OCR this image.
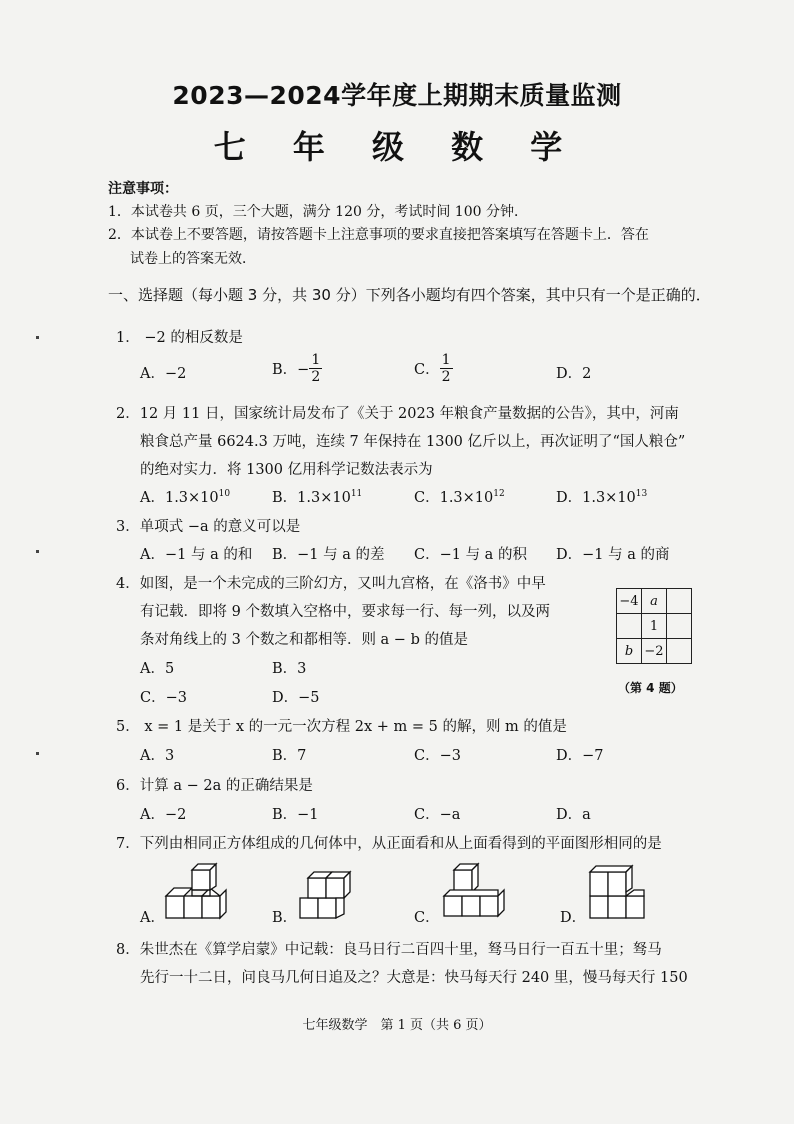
2023—2024学年度上期期末质量监测
七 年 级 数 学
注意事项：
1．本试卷共 6 页，三个大题，满分 120 分，考试时间 100 分钟．
2．本试卷上不要答题，请按答题卡上注意事项的要求直接把答案填写在答题卡上．答在
试卷上的答案无效．
一、选择题（每小题 3 分，共 30 分）下列各小题均有四个答案，其中只有一个是正确的．
1． −2 的相反数是
A．−2	B．− $\frac{1}{2}$	C． $\frac{1}{2}$	D．2
2．12 月 11 日，国家统计局发布了《关于 2023 年粮食产量数据的公告》，其中，河南
粮食总产量 6624.3 万吨，连续 7 年保持在 1300 亿斤以上，再次证明了“国人粮仓”
的绝对实力．将 1300 亿用科学记数法表示为
A．$1.3\times 10^{10}$	B．$1.3\times 10^{11}$	C．$1.3\times 10^{12}$	D．$1.3\times 10^{13}$
3．单项式 −a 的意义可以是
A．−1 与 a 的和 B．−1 与 a 的差 C．−1 与 a 的积 D．−1 与 a 的商
4．如图，是一个未完成的三阶幻方，又叫九宫格，在《洛书》中早
有记载．即将 9 个数填入空格中，要求每一行、每一列，以及两
条对角线上的 3 个数之和都相等．则 a − b 的值是
A．5	B．3
C．−3	D．−5
−4	a	
	1	
b	−2	
（第 4 题）
5． x = 1 是关于 x 的一元一次方程 2x + m = 5 的解，则 m 的值是
A．3	B．7	C．−3	D．−7
6．计算 a − 2a 的正确结果是
A．−2	B．−1	C．−a	D．a
7．下列由相同正方体组成的几何体中，从正面看和从上面看得到的平面图形相同的是
A．	B．	C．	D．
8．朱世杰在《算学启蒙》中记载：良马日行二百四十里，驽马日行一百五十里；驽马
先行一十二日，问良马几何日追及之？大意是：快马每天行 240 里，慢马每天行 150
七年级数学　第 1 页（共 6 页）
